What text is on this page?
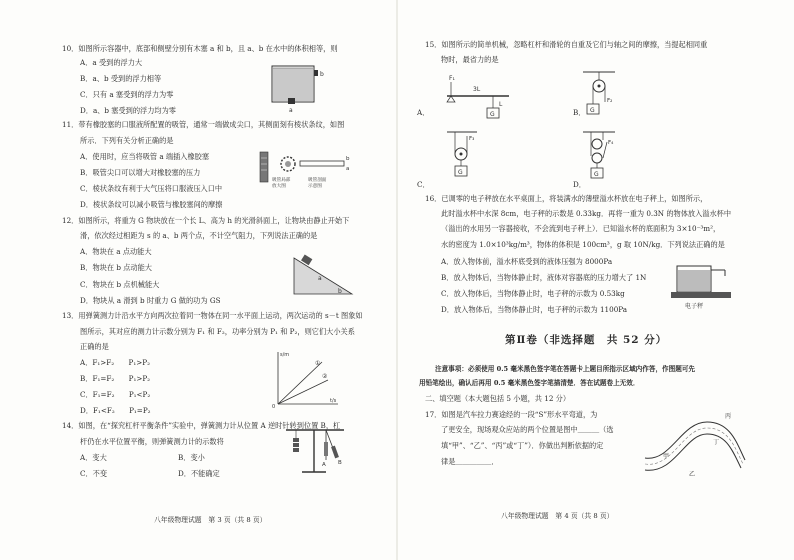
10．如图所示容器中，底部和侧壁分别有木塞 a 和 b，且 a、b 在水中的体积相等，则
A．a 受到的浮力大
B．a、b 受到的浮力相等
C．只有 a 塞受到的浮力为零
D．a、b 塞受到的浮力均为零
b
a
11．带有橡胶塞的口服液所配置的吸管，通常一端做成尖口，其侧面刻有棱状条纹，如图
所示．下列有关分析正确的是
A．使用时，应当将吸管 a 端插入橡胶塞
B．吸管尖口可以增大对橡胶塞的压力
C．棱状条纹有利于大气压将口服液压入口中
D．棱状条纹可以减小吸管与橡胶塞间的摩擦
b
a
吸管局部
放大图
吸管剖面
示意图
12．如图所示，将重为 G 物块放在一个长 L、高为 h 的光滑斜面上，让物块由静止开始下
滑，依次经过相距为 s 的 a、b 两个点，不计空气阻力，下列说法正确的是
A．物块在 a 点动能大
B．物块在 b 点动能大
C．物块在 b 点机械能大
D．物块从 a 滑到 b 时重力 G 做的功为 GS
a
b
13．用弹簧测力计沿水平方向两次拉着同一物体在同一水平面上运动，两次运动的 s－t 图象如
图所示，其对应的测力计示数分别为 F₁ 和 F₂，功率分别为 P₁ 和 P₂，则它们大小关系
正确的是
A．F₁>F₂　　P₁>P₂
B．F₁=F₂　　P₁>P₂
C．F₁=F₂　　P₁<P₂
D．F₁<F₂　　P₁=P₂
s/m
①
②
t/s
0
14．如图，在“探究杠杆平衡条件”实验中，弹簧测力计从位置 A 逆时针转到位置 B，杠
杆仍在水平位置平衡，则弹簧测力计的示数将
A．变大	B．变小
C．不变	D．不能确定
A B
八年级物理试题　第 3 页（共 8 页）
15．如图所示的简单机械，忽略杠杆和滑轮的自重及它们与轴之间的摩擦，当提起相同重
物时，最省力的是
F₁
3L
L
G
A．
F₂
G
B．
F₃
G
C．
F₄
G
D．
16．已调零的电子秤放在水平桌面上，将装满水的薄壁溢水杯放在电子秤上，如图所示，
此时溢水杯中水深 8cm，电子秤的示数是 0.33kg．再将一重为 0.3N 的物体放入溢水杯中
（溢出的水用另一容器接收，不会流到电子秤上）．已知溢水杯的底面积为 3×10⁻³m²，
水的密度为 1.0×10³kg/m³，物体的体积是 100cm³，g 取 10N/kg．下列说法正确的是
A．放入物体前，溢水杯底受到的液体压强为 8000Pa
B．放入物体后，当物体静止时，液体对容器底的压力增大了 1N
C．放入物体后，当物体静止时，电子秤的示数为 0.53kg
D．放入物体后，当物体静止时，电子秤的示数为 1100Pa	电子秤
第Ⅱ卷（非选择题　共 52 分）
注意事项：必须使用 0.5 毫米黑色签字笔在答题卡上题目所指示区域内作答，作图题可先
用铅笔绘出，确认后再用 0.5 毫米黑色签字笔描清楚．答在试题卷上无效．
二、填空题（本大题包括 5 小题，共 12 分）
17．如图是汽车拉力赛途经的一段“S”形水平弯道，为
了更安全，现场观众应站的两个位置是图中＿＿＿（选
填“甲”、“乙”、“丙”或“丁”）．你做出判断依据的定
律是＿＿＿＿＿．
丙
甲
丁
乙
八年级物理试题　第 4 页（共 8 页）
